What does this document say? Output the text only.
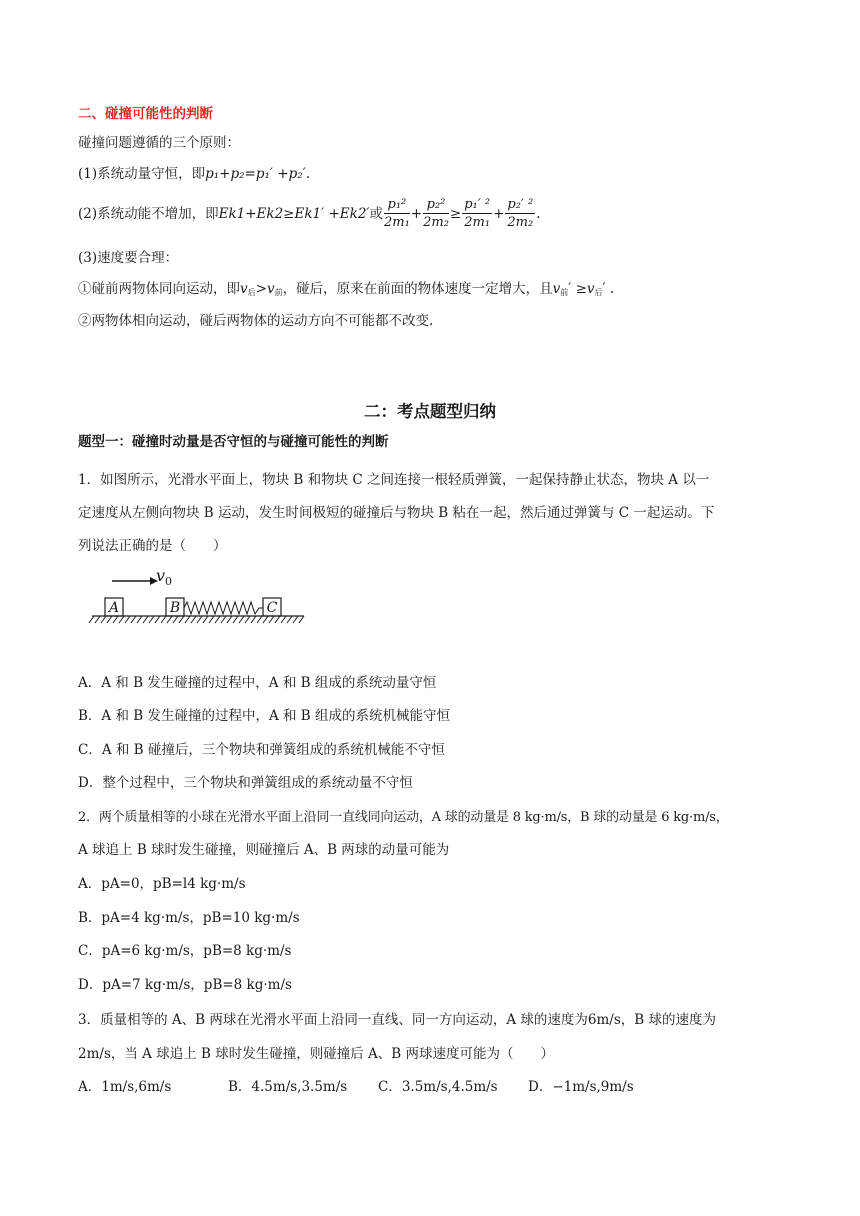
二、碰撞可能性的判断
碰撞问题遵循的三个原则：
(1)系统动量守恒，即p₁+p₂=p₁′ +p₂′.
(2)系统动能不增加，即Ek1+Ek2≥Ek1′ +Ek2′或 $\frac{\text{p₁²}}{\text{2m₁}} + \frac{\text{p₂²}}{\text{2m₂}} \ge \frac{\text{p₁′ ²}}{\text{2m₁}} + \frac{\text{p₂′ ²}}{\text{2m₂}}$ .
(3)速度要合理：
①碰前两物体同向运动，即v后>v前，碰后，原来在前面的物体速度一定增大，且v前′ ≥v后′ .
②两物体相向运动，碰后两物体的运动方向不可能都不改变.
二：考点题型归纳
题型一：碰撞时动量是否守恒的与碰撞可能性的判断
1．如图所示，光滑水平面上，物块 B 和物块 C 之间连接一根轻质弹簧，一起保持静止状态，物块 A 以一
定速度从左侧向物块 B 运动，发生时间极短的碰撞后与物块 B 粘在一起，然后通过弹簧与 C 一起运动。下
列说法正确的是（　　）
$v_0$
A	B	C
A．A 和 B 发生碰撞的过程中，A 和 B 组成的系统动量守恒
B．A 和 B 发生碰撞的过程中，A 和 B 组成的系统机械能守恒
C．A 和 B 碰撞后，三个物块和弹簧组成的系统机械能不守恒
D．整个过程中，三个物块和弹簧组成的系统动量不守恒
2．两个质量相等的小球在光滑水平面上沿同一直线同向运动，A 球的动量是 8 kg·m/s，B 球的动量是 6 kg·m/s，
A 球追上 B 球时发生碰撞，则碰撞后 A、B 两球的动量可能为
A．pA=0，pB=l4 kg·m/s
B．pA=4 kg·m/s，pB=10 kg·m/s
C．pA=6 kg·m/s，pB=8 kg·m/s
D．pA=7 kg·m/s，pB=8 kg·m/s
3．质量相等的 A、B 两球在光滑水平面上沿同一直线、同一方向运动，A 球的速度为6m/s，B 球的速度为
2m/s，当 A 球追上 B 球时发生碰撞，则碰撞后 A、B 两球速度可能为（　　）
A．1m/s,6m/s	B．4.5m/s,3.5m/s C．3.5m/s,4.5m/s D．−1m/s,9m/s
